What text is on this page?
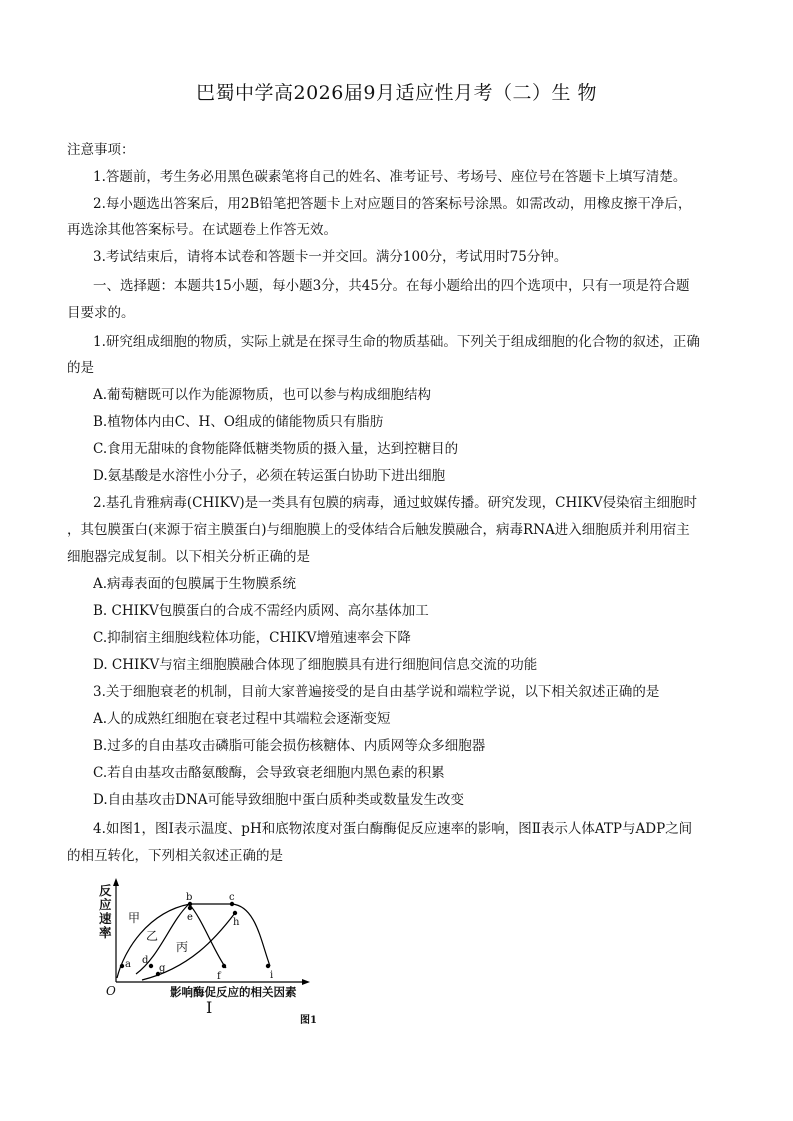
巴蜀中学高2026届9月适应性月考（二）生 物
注意事项：
1.答题前，考生务必用黑色碳素笔将自己的姓名、准考证号、考场号、座位号在答题卡上填写清楚。
2.每小题选出答案后，用2B铅笔把答题卡上对应题目的答案标号涂黑。如需改动，用橡皮擦干净后，
再选涂其他答案标号。在试题卷上作答无效。
3.考试结束后，请将本试卷和答题卡一并交回。满分100分，考试用时75分钟。
一、选择题：本题共15小题，每小题3分，共45分。在每小题给出的四个选项中，只有一项是符合题
目要求的。
1.研究组成细胞的物质，实际上就是在探寻生命的物质基础。下列关于组成细胞的化合物的叙述，正确
的是
A.葡萄糖既可以作为能源物质，也可以参与构成细胞结构
B.植物体内由C、H、O组成的储能物质只有脂肪
C.食用无甜味的食物能降低糖类物质的摄入量，达到控糖目的
D.氨基酸是水溶性小分子，必须在转运蛋白协助下进出细胞
2.基孔肯雅病毒(CHIKV)是一类具有包膜的病毒，通过蚊媒传播。研究发现，CHIKV侵染宿主细胞时
，其包膜蛋白(来源于宿主膜蛋白)与细胞膜上的受体结合后触发膜融合，病毒RNA进入细胞质并利用宿主
细胞器完成复制。以下相关分析正确的是
A.病毒表面的包膜属于生物膜系统
B. CHIKV包膜蛋白的合成不需经内质网、高尔基体加工
C.抑制宿主细胞线粒体功能，CHIKV增殖速率会下降
D. CHIKV与宿主细胞膜融合体现了细胞膜具有进行细胞间信息交流的功能
3.关于细胞衰老的机制，目前大家普遍接受的是自由基学说和端粒学说，以下相关叙述正确的是
A.人的成熟红细胞在衰老过程中其端粒会逐渐变短
B.过多的自由基攻击磷脂可能会损伤核糖体、内质网等众多细胞器
C.若自由基攻击酪氨酸酶，会导致衰老细胞内黑色素的积累
D.自由基攻击DNA可能导致细胞中蛋白质种类或数量发生改变
4.如图1，图Ⅰ表示温度、pH和底物浓度对蛋白酶酶促反应速率的影响，图Ⅱ表示人体ATP与ADP之间
的相互转化，下列相关叙述正确的是
反应速率
影响酶促反应的相关因素
O
I
图1
甲
乙
丙
a
b	c
d
e
f
g
h
i
